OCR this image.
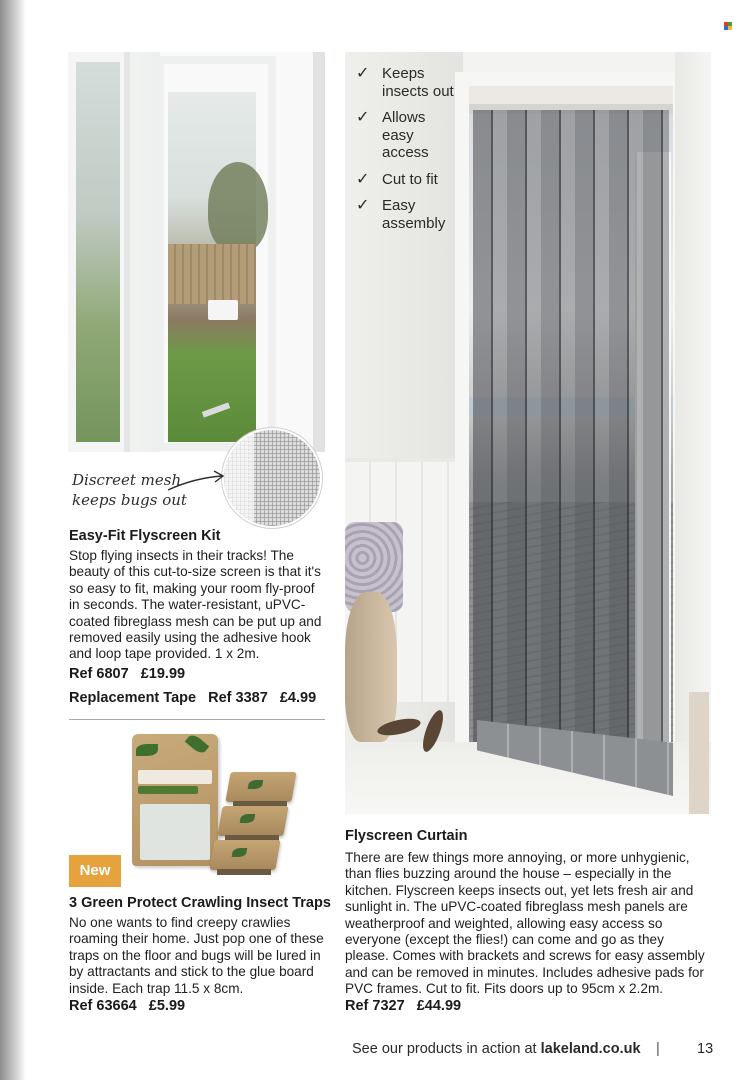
Discreet mesh
keeps bugs out
Easy-Fit Flyscreen Kit
Stop flying insects in their tracks! The beauty of this cut-to-size screen is that it's so easy to fit, making your room fly-proof in seconds. The water-resistant, uPVC-coated fibreglass mesh can be put up and removed easily using the adhesive hook and loop tape provided. 1 x 2m.
Ref 6807   £19.99
Replacement Tape   Ref 3387   £4.99
New
3 Green Protect Crawling Insect Traps
No one wants to find creepy crawlies roaming their home. Just pop one of these traps on the floor and bugs will be lured in by attractants and stick to the glue board inside. Each trap 11.5 x 8cm.
Ref 63664   £5.99
✓ Keeps
insects out
✓ Allows
easy
access
✓ Cut to fit
✓ Easy
assembly
Flyscreen Curtain
There are few things more annoying, or more unhygienic, than flies buzzing around the house – especially in the kitchen. Flyscreen keeps insects out, yet lets fresh air and sunlight in. The uPVC-coated fibreglass mesh panels are weatherproof and weighted, allowing easy access so everyone (except the flies!) can come and go as they please. Comes with brackets and screws for easy assembly and can be removed in minutes. Includes adhesive pads for PVC frames. Cut to fit. Fits doors up to 95cm x 2.2m.
Ref 7327   £44.99
See our products in action at lakeland.co.uk |	13
